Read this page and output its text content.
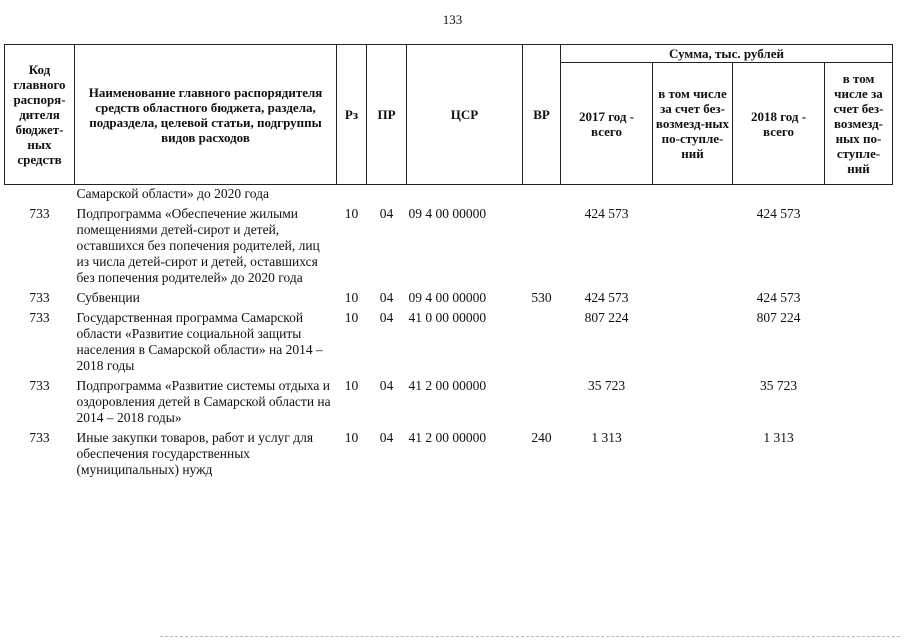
133
Код главного распоря-дителя бюджет-ных средств	Наименование главного распорядителя средств областного бюджета, раздела, подраздела, целевой статьи, подгруппы видов расходов	Рз	ПР	ЦСР	ВР	Сумма, тыс. рублей			
						2017 год - всего	в том числе за счет без-возмезд-ных по-ступле-ний	2018 год - всего	в том числе за счет без-возмезд-ных по-ступле-ний
	Самарской области» до 2020 года								
733	Подпрограмма «Обеспечение жилыми помещениями детей-сирот и детей, оставшихся без попечения родителей, лиц из числа детей-сирот и детей, оставшихся без попечения родителей» до 2020 года	10	04	09 4 00 00000		424 573		424 573	
733	Субвенции	10	04	09 4 00 00000	530	424 573		424 573	
733	Государственная программа Самарской области «Развитие социальной защиты населения в Самарской области» на 2014 – 2018 годы	10	04	41 0 00 00000		807 224		807 224	
733	Подпрограмма «Развитие системы отдыха и оздоровления детей в Самарской области на 2014 – 2018 годы»	10	04	41 2 00 00000		35 723		35 723	
733	Иные закупки товаров, работ и услуг для обеспечения государственных (муниципальных) нужд	10	04	41 2 00 00000	240	1 313		1 313	
